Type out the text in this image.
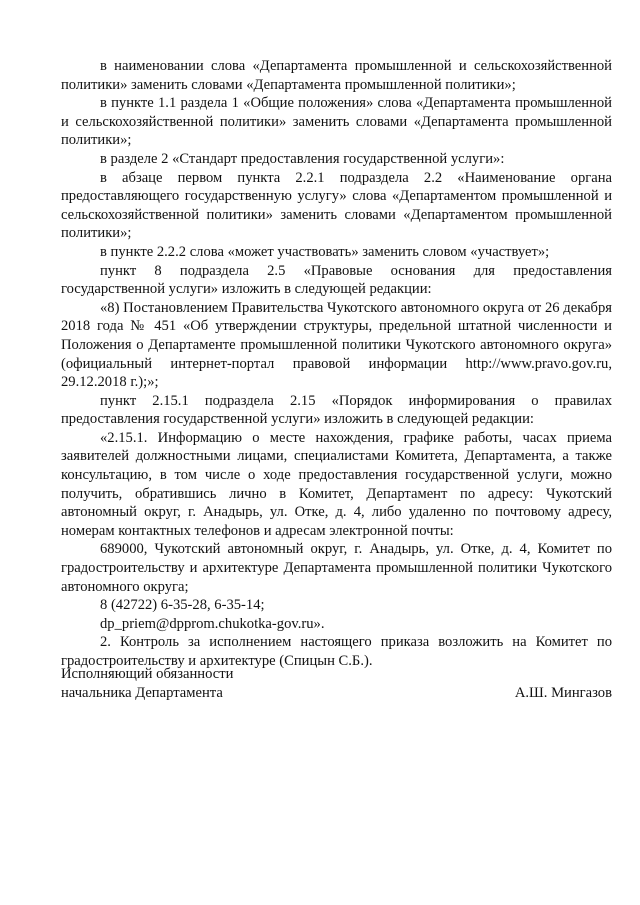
в наименовании слова «Департамента промышленной и сельскохозяйственной политики» заменить словами «Департамента промышленной политики»;

в пункте 1.1 раздела 1 «Общие положения» слова «Департамента промышленной и сельскохозяйственной политики» заменить словами «Департамента промышленной политики»;

в разделе 2 «Стандарт предоставления государственной услуги»:

в абзаце первом пункта 2.2.1 подраздела 2.2 «Наименование органа предоставляющего государственную услугу» слова «Департаментом промышленной и сельскохозяйственной политики» заменить словами «Департаментом промышленной политики»;

в пункте 2.2.2 слова «может участвовать» заменить словом «участвует»;

пункт 8 подраздела 2.5 «Правовые основания для предоставления государственной услуги» изложить в следующей редакции:

«8) Постановлением Правительства Чукотского автономного округа от 26 декабря 2018 года № 451 «Об утверждении структуры, предельной штатной численности и Положения о Департаменте промышленной политики Чукотского автономного округа» (официальный интернет-портал правовой информации http://www.pravo.gov.ru, 29.12.2018 г.);»;

пункт 2.15.1 подраздела 2.15 «Порядок информирования о правилах предоставления государственной услуги» изложить в следующей редакции:

«2.15.1. Информацию о месте нахождения, графике работы, часах приема заявителей должностными лицами, специалистами Комитета, Департамента, а также консультацию, в том числе о ходе предоставления государственной услуги, можно получить, обратившись лично в Комитет, Департамент по адресу: Чукотский автономный округ, г. Анадырь, ул. Отке, д. 4, либо удаленно по почтовому адресу, номерам контактных телефонов и адресам электронной почты:

689000, Чукотский автономный округ, г. Анадырь, ул. Отке, д. 4, Комитет по градостроительству и архитектуре Департамента промышленной политики Чукотского автономного округа;

8 (42722) 6-35-28, 6-35-14;

dp_priem@dpprom.chukotka-gov.ru».

2. Контроль за исполнением настоящего приказа возложить на Комитет по градостроительству и архитектуре (Спицын С.Б.).

Исполняющий обязанности
начальника Департамента	А.Ш. Мингазов
